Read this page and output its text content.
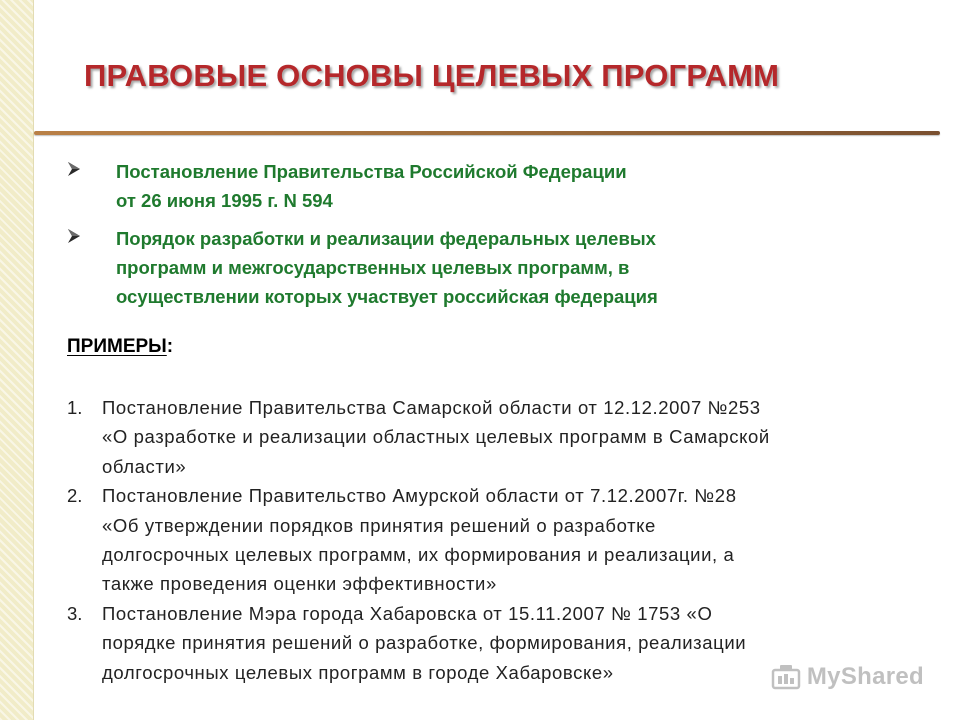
ПРАВОВЫЕ ОСНОВЫ ЦЕЛЕВЫХ ПРОГРАММ
Постановление Правительства Российской Федерации
от 26 июня 1995 г. N 594
Порядок разработки и реализации федеральных целевых
программ и межгосударственных целевых программ, в
осуществлении которых участвует российская федерация
ПРИМЕРЫ:
1. Постановление Правительства Самарской области от 12.12.2007 №253
«О разработке и реализации областных целевых программ в Самарской
области»
2. Постановление Правительство Амурской области от 7.12.2007г. №28
«Об утверждении порядков принятия решений о разработке
долгосрочных целевых программ, их формирования и реализации, а
также проведения оценки эффективности»
3. Постановление Мэра города Хабаровска от 15.11.2007 № 1753 «О
порядке принятия решений о разработке, формирования, реализации
долгосрочных целевых программ в городе Хабаровске»	MyShared
